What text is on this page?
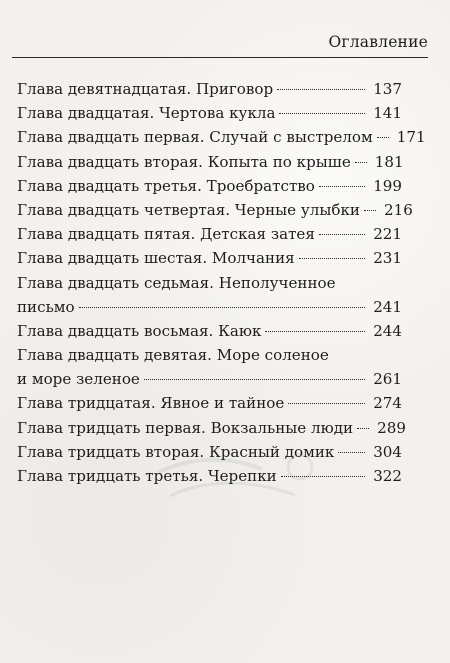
Оглавление
Глава девятнадцатая. Приговор	137
Глава двадцатая. Чертова кукла	141
Глава двадцать первая. Случай с выстрелом 171
Глава двадцать вторая. Копыта по крыше 181
Глава двадцать третья. Троебратство	199
Глава двадцать четвертая. Черные улыбки 216
Глава двадцать пятая. Детская затея	221
Глава двадцать шестая. Молчания	231
Глава двадцать седьмая. Неполученное
письмо	241
Глава двадцать восьмая. Каюк	244
Глава двадцать девятая. Море соленое
и море зеленое	261
Глава тридцатая. Явное и тайное	274
Глава тридцать первая. Вокзальные люди 289
Глава тридцать вторая. Красный домик	304
Глава тридцать третья. Черепки	322
